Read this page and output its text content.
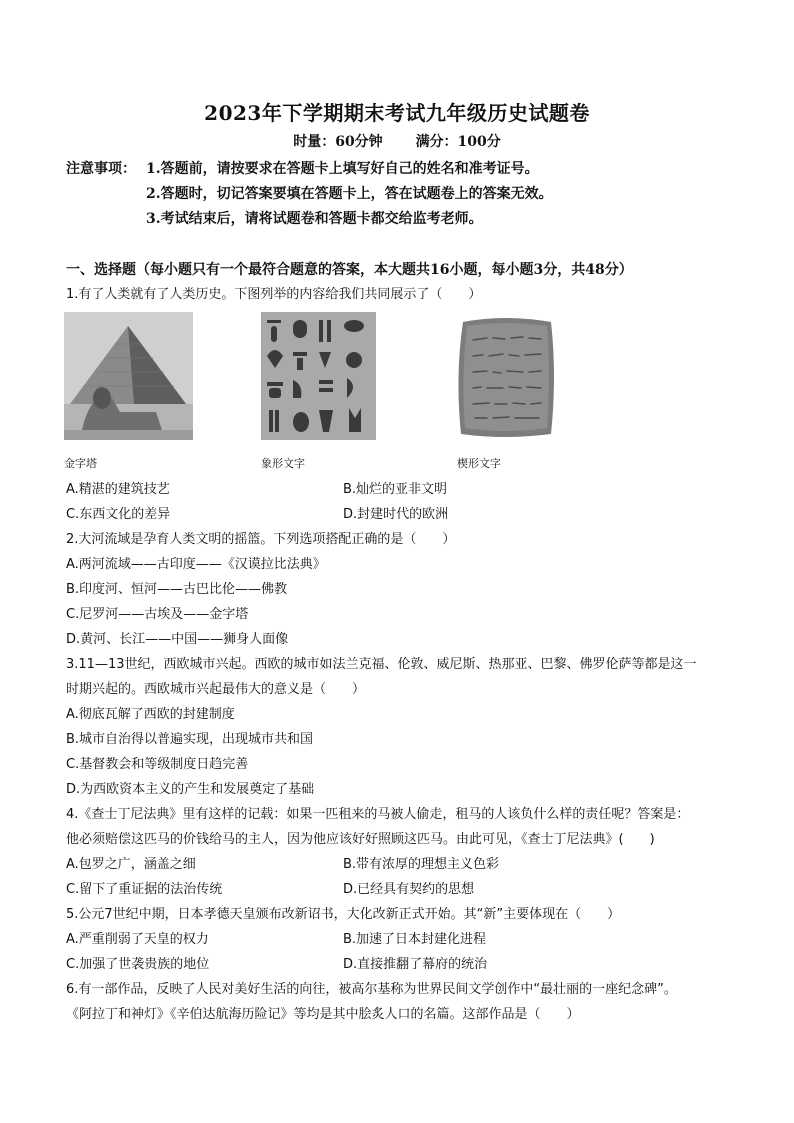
2023年下学期期末考试九年级历史试题卷
时量：60分钟 满分：100分
注意事项： 1.答题前，请按要求在答题卡上填写好自己的姓名和准考证号。
2.答题时，切记答案要填在答题卡上，答在试题卷上的答案无效。
3.考试结束后，请将试题卷和答题卡都交给监考老师。
一、选择题（每小题只有一个最符合题意的答案，本大题共16小题，每小题3分，共48分）
1.有了人类就有了人类历史。下图列举的内容给我们共同展示了（　　）
金字塔	象形文字	楔形文字
A.精湛的建筑技艺	B.灿烂的亚非文明
C.东西文化的差异	D.封建时代的欧洲
2.大河流域是孕育人类文明的摇篮。下列选项搭配正确的是（　　）
A.两河流域——古印度——《汉谟拉比法典》
B.印度河、恒河——古巴比伦——佛教
C.尼罗河——古埃及——金字塔
D.黄河、长江——中国——狮身人面像
3.11—13世纪，西欧城市兴起。西欧的城市如法兰克福、伦敦、威尼斯、热那亚、巴黎、佛罗伦萨等都是这一
时期兴起的。西欧城市兴起最伟大的意义是（　　）
A.彻底瓦解了西欧的封建制度
B.城市自治得以普遍实现，出现城市共和国
C.基督教会和等级制度日趋完善
D.为西欧资本主义的产生和发展奠定了基础
4.《查士丁尼法典》里有这样的记载：如果一匹租来的马被人偷走，租马的人该负什么样的责任呢？答案是：
他必须赔偿这匹马的价钱给马的主人，因为他应该好好照顾这匹马。由此可见，《查士丁尼法典》(　　)
A.包罗之广，涵盖之细	B.带有浓厚的理想主义色彩
C.留下了重证据的法治传统	D.已经具有契约的思想
5.公元7世纪中期，日本孝德天皇颁布改新诏书，大化改新正式开始。其“新”主要体现在（　　）
A.严重削弱了天皇的权力	B.加速了日本封建化进程
C.加强了世袭贵族的地位	D.直接推翻了幕府的统治
6.有一部作品，反映了人民对美好生活的向往，被高尔基称为世界民间文学创作中“最壮丽的一座纪念碑”。
《阿拉丁和神灯》《辛伯达航海历险记》等均是其中脍炙人口的名篇。这部作品是（　　）
